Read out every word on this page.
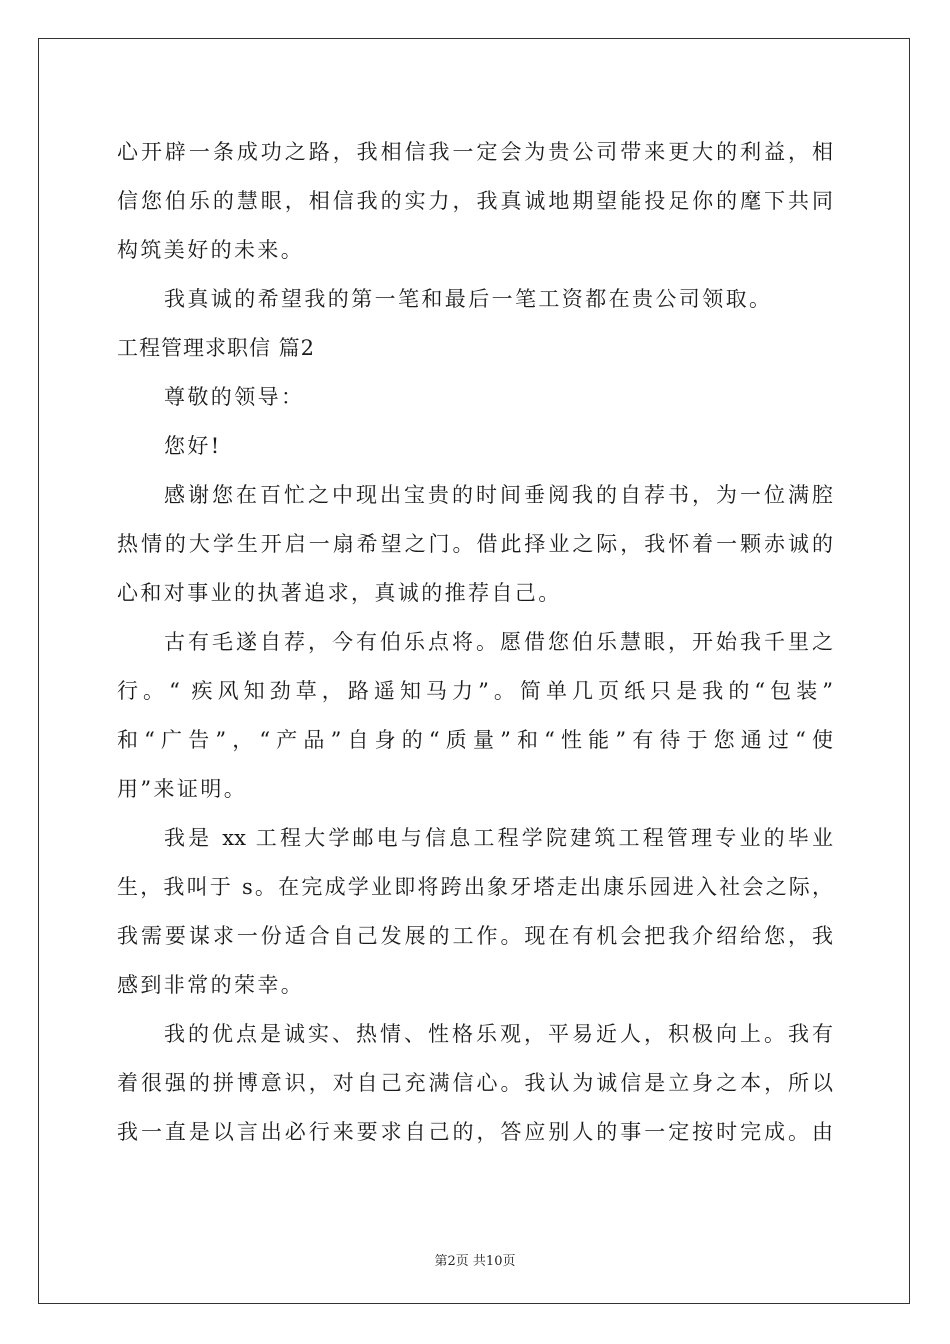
心开辟一条成功之路，我相信我一定会为贵公司带来更大的利益，相
信您伯乐的慧眼，相信我的实力，我真诚地期望能投足你的麾下共同
构筑美好的未来。
我真诚的希望我的第一笔和最后一笔工资都在贵公司领取。
工程管理求职信 篇2
尊敬的领导：
您好!
感谢您在百忙之中现出宝贵的时间垂阅我的自荐书，为一位满腔
热情的大学生开启一扇希望之门。借此择业之际，我怀着一颗赤诚的
心和对事业的执著追求，真诚的推荐自己。
古有毛遂自荐，今有伯乐点将。愿借您伯乐慧眼，开始我千里之
行。“ 疾风知劲草，路遥知马力”。简单几页纸只是我的“包装”
和“广告”，“产品”自身的“质量”和“性能”有待于您通过“使
用”来证明。
我是 xx 工程大学邮电与信息工程学院建筑工程管理专业的毕业
生，我叫于 s。在完成学业即将跨出象牙塔走出康乐园进入社会之际，
我需要谋求一份适合自己发展的工作。现在有机会把我介绍给您，我
感到非常的荣幸。
我的优点是诚实、热情、性格乐观，平易近人，积极向上。我有
着很强的拼博意识，对自己充满信心。我认为诚信是立身之本，所以
我一直是以言出必行来要求自己的，答应别人的事一定按时完成。由
第2页 共10页
